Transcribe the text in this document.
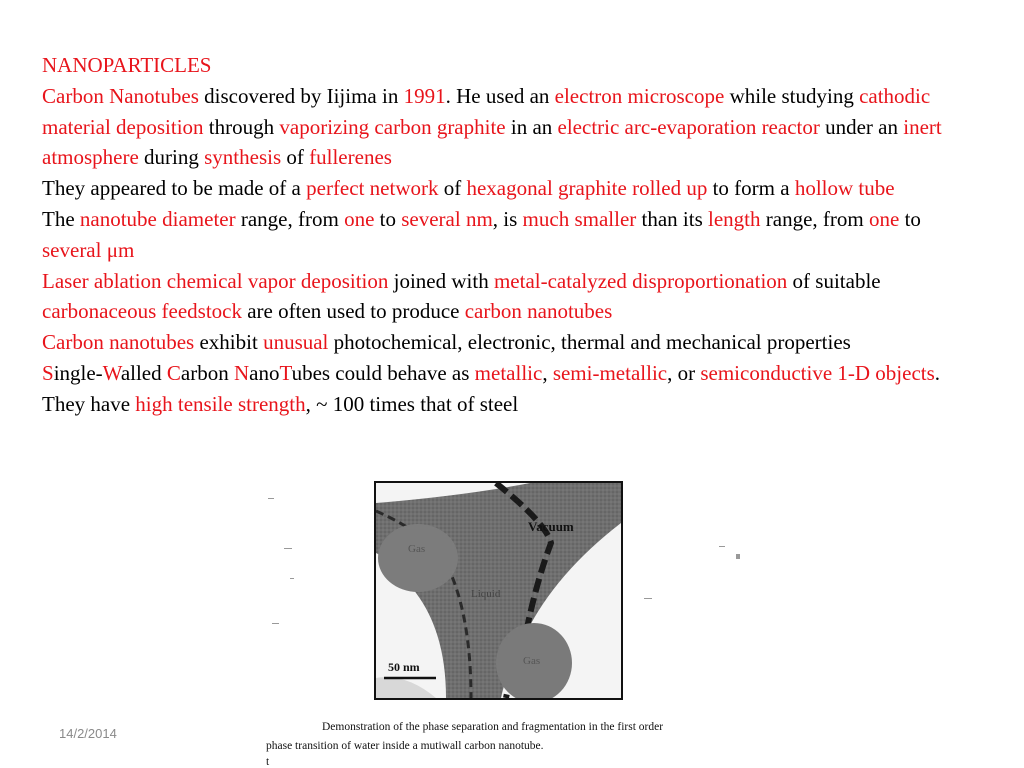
NANOPARTICLES

Carbon Nanotubes discovered by Iijima in 1991. He used an electron microscope while studying cathodic material deposition through vaporizing carbon graphite in an electric arc-evaporation reactor under an inert atmosphere during synthesis of fullerenes

They appeared to be made of a perfect network of hexagonal graphite rolled up to form a hollow tube

The nanotube diameter range, from one to several nm, is much smaller than its length range, from one to several μm

Laser ablation chemical vapor deposition joined with metal-catalyzed disproportionation of suitable carbonaceous feedstock are often used to produce carbon nanotubes

Carbon nanotubes exhibit unusual photochemical, electronic, thermal and mechanical properties

Single-Walled Carbon NanoTubes could behave as metallic, semi-metallic, or semiconductive 1-D objects. They have high tensile strength, ~ 100 times that of steel

Vacuum
Gas
Liquid
Gas
50 nm
Demonstration of the phase separation and fragmentation in the first order
phase transition of water inside a mutiwall carbon nanotube.
t
14/2/2014
